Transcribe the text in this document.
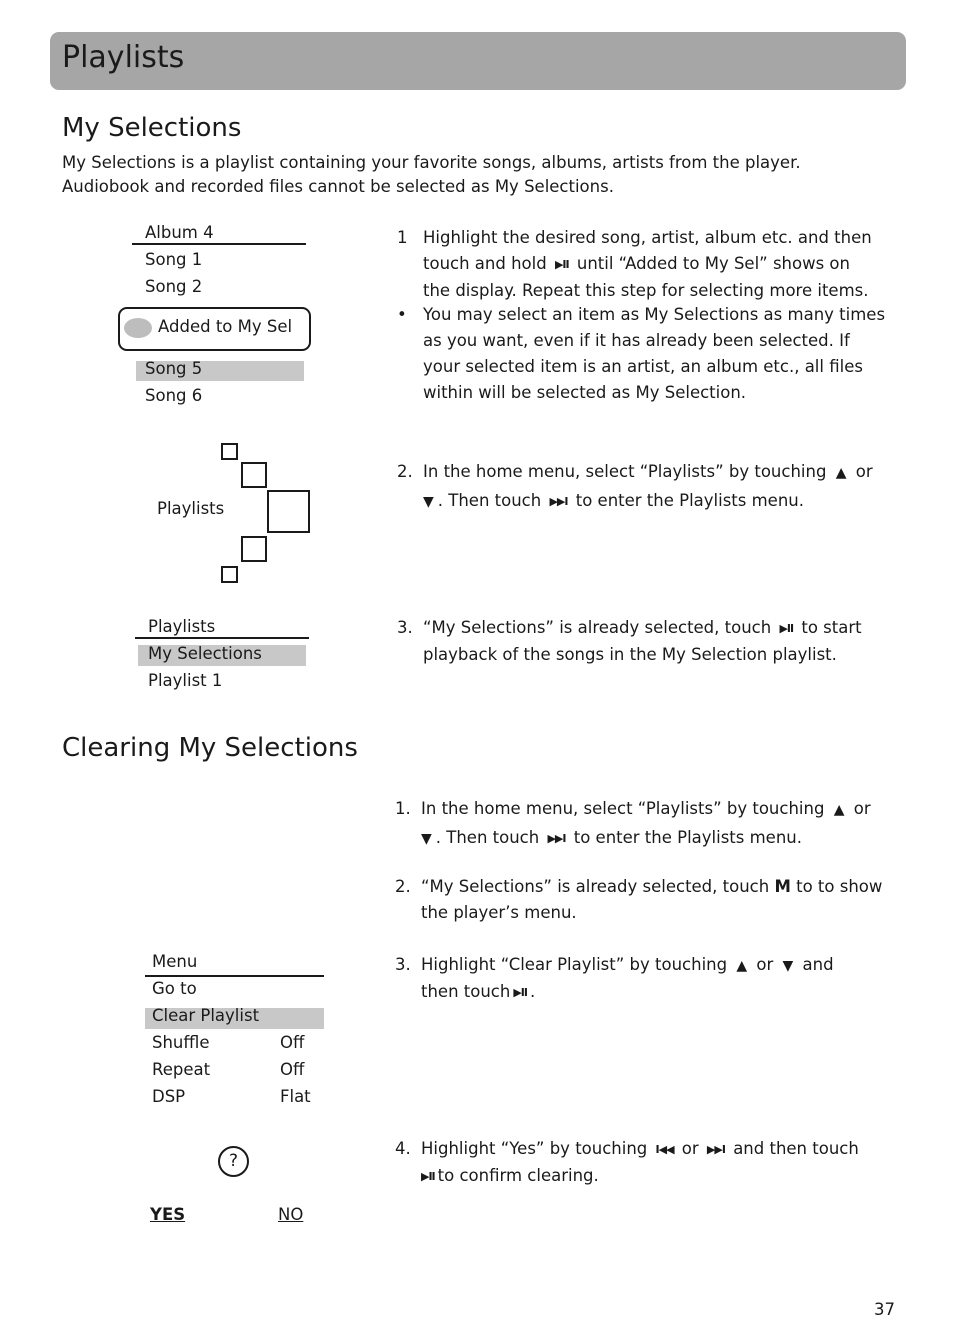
Playlists
My Selections
My Selections is a playlist containing your favorite songs, albums, artists from the player.
Audiobook and recorded files cannot be selected as My Selections.
Album 4
Song 1
Song 2
Song 5
Song 6
Added to My Sel
Playlists
Playlists
My Selections
Playlist 1
1 Highlight the desired song, artist, album etc. and then
touch and hold ▶II until “Added to My Sel” shows on
the display. Repeat this step for selecting more items.
• You may select an item as My Selections as many times
as you want, even if it has already been selected. If
your selected item is an artist, an album etc., all files
within will be selected as My Selection.
2. In the home menu, select “Playlists” by touching ▲ or
▼ . Then touch ▶▶I to enter the Playlists menu.
3. “My Selections” is already selected, touch ▶II to start
playback of the songs in the My Selection playlist.
Clearing My Selections
1. In the home menu, select “Playlists” by touching ▲ or
▼ . Then touch ▶▶I to enter the Playlists menu.
2. “My Selections” is already selected, touch M to to show
the player’s menu.
3. Highlight “Clear Playlist” by touching ▲ or ▼ and
then touch ▶II .
4. Highlight “Yes” by touching I◀◀ or ▶▶I and then touch
▶II to confirm clearing.
Menu
Go to
Clear Playlist
Shuffle	Off
Repeat	Off
DSP	Flat
?
YES	NO
37
